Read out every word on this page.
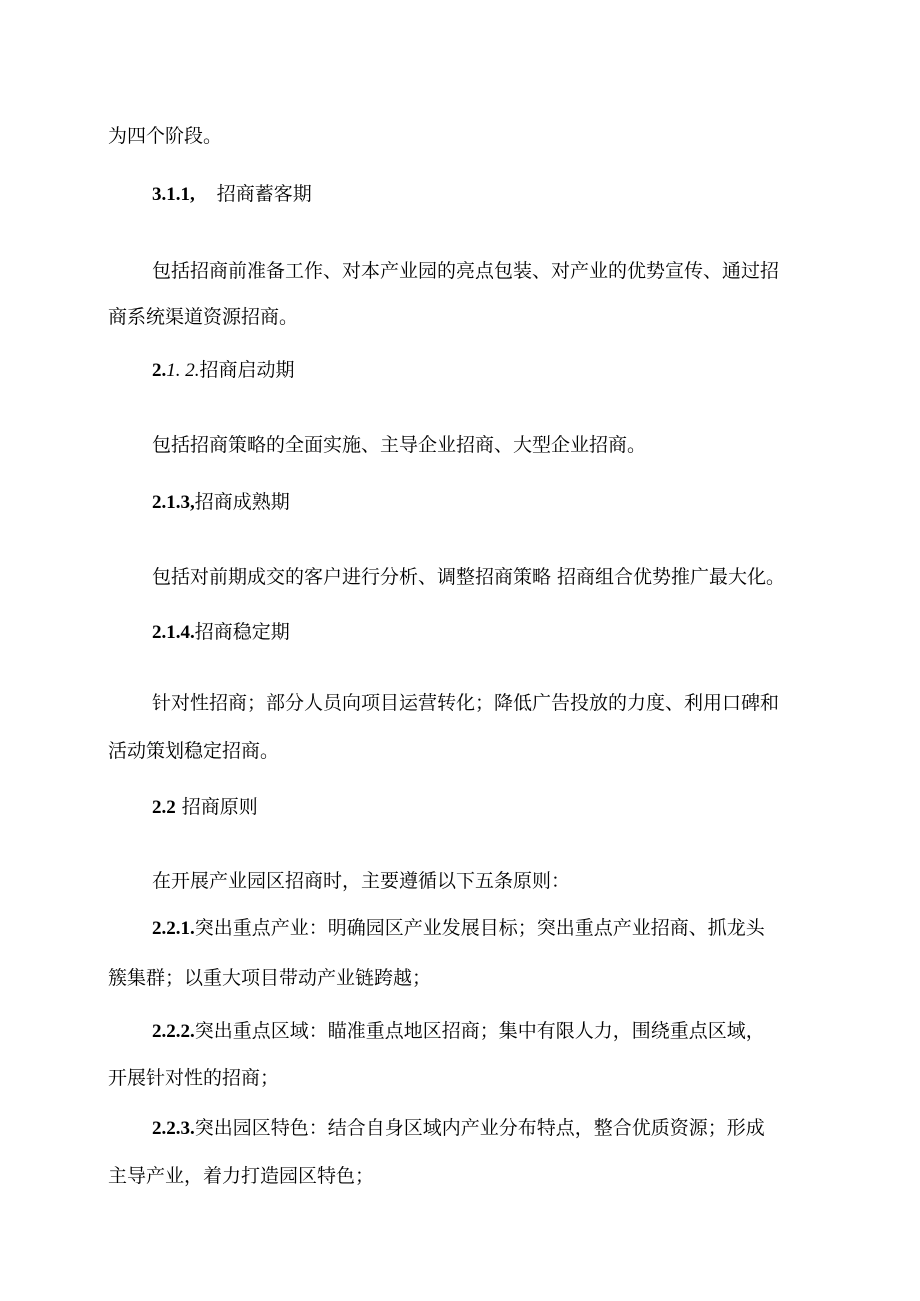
为四个阶段。
3.1.1, 招商蓄客期
包括招商前准备工作、对本产业园的亮点包装、对产业的优势宣传、通过招
商系统渠道资源招商。
2.1. 2.招商启动期
包括招商策略的全面实施、主导企业招商、大型企业招商。
2.1.3,招商成熟期
包括对前期成交的客户进行分析、调整招商策略 招商组合优势推广最大化。
2.1.4.招商稳定期
针对性招商；部分人员向项目运营转化；降低广告投放的力度、利用口碑和
活动策划稳定招商。
2.2 招商原则
在开展产业园区招商时，主要遵循以下五条原则：
2.2.1.突出重点产业：明确园区产业发展目标；突出重点产业招商、抓龙头
簇集群；以重大项目带动产业链跨越；
2.2.2.突出重点区域：瞄准重点地区招商；集中有限人力，围绕重点区域，
开展针对性的招商；
2.2.3.突出园区特色：结合自身区域内产业分布特点，整合优质资源；形成
主导产业，着力打造园区特色；
